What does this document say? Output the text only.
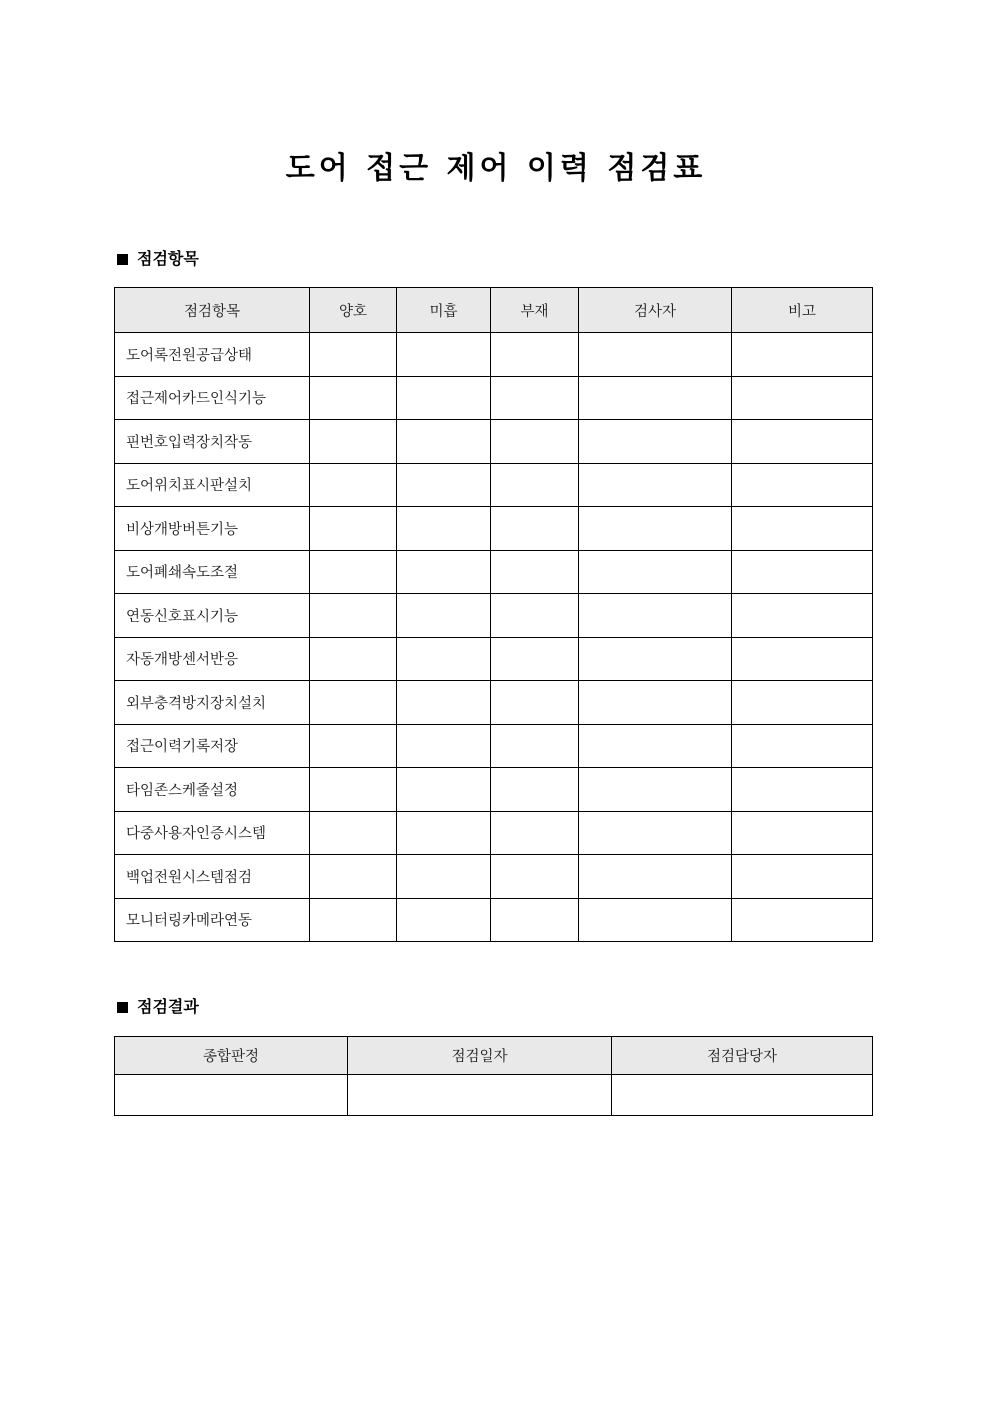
도어 접근 제어 이력 점검표
점검항목
점검항목	양호	미흡	부재	검사자	비고
도어록전원공급상태					
접근제어카드인식기능					
핀번호입력장치작동					
도어위치표시판설치					
비상개방버튼기능					
도어폐쇄속도조절					
연동신호표시기능					
자동개방센서반응					
외부충격방지장치설치					
접근이력기록저장					
타임존스케줄설정					
다중사용자인증시스템					
백업전원시스템점검					
모니터링카메라연동					
점검결과
종합판정	점검일자	점검담당자
